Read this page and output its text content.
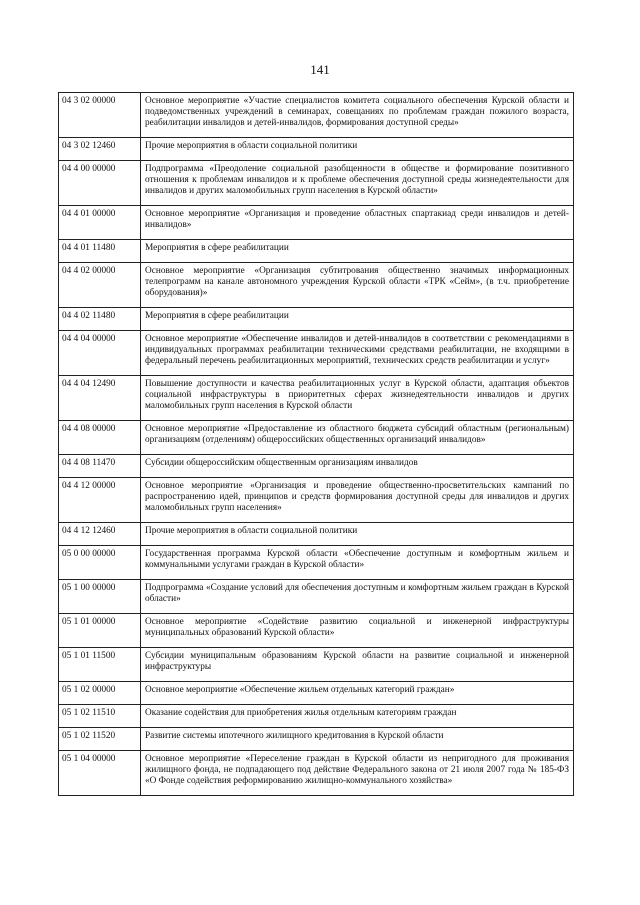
141
04 3 02 00000	Основное мероприятие «Участие специалистов комитета социального обеспечения Курской области и подведомственных учреждений в семинарах, совещаниях по проблемам граждан пожилого возраста, реабилитации инвалидов и детей-инвалидов, формирования доступной среды»
04 3 02 12460	Прочие мероприятия в области социальной политики
04 4 00 00000	Подпрограмма «Преодоление социальной разобщенности в обществе и формирование позитивного отношения к проблемам инвалидов и к проблеме обеспечения доступной среды жизнедеятельности для инвалидов и других маломобильных групп населения в Курской области»
04 4 01 00000	Основное мероприятие «Организация и проведение областных спартакиад среди инвалидов и детей-инвалидов»
04 4 01 11480	Мероприятия в сфере реабилитации
04 4 02 00000	Основное мероприятие «Организация субтитрования общественно значимых информационных телепрограмм на канале автономного учреждения Курской области «ТРК «Сейм», (в т.ч. приобретение оборудования)»
04 4 02 11480	Мероприятия в сфере реабилитации
04 4 04 00000	Основное мероприятие «Обеспечение инвалидов и детей-инвалидов в соответствии с рекомендациями в индивидуальных программах реабилитации техническими средствами реабилитации, не входящими в федеральный перечень реабилитационных мероприятий, технических средств реабилитации и услуг»
04 4 04 12490	Повышение доступности и качества реабилитационных услуг в Курской области, адаптация объектов социальной инфраструктуры в приоритетных сферах жизнедеятельности инвалидов и других маломобильных групп населения в Курской области
04 4 08 00000	Основное мероприятие «Предоставление из областного бюджета субсидий областным (региональным) организациям (отделениям) общероссийских общественных организаций инвалидов»
04 4 08 11470	Субсидии общероссийским общественным организациям инвалидов
04 4 12 00000	Основное мероприятие «Организация и проведение общественно-просветительских кампаний по распространению идей, принципов и средств формирования доступной среды для инвалидов и других маломобильных групп населения»
04 4 12 12460	Прочие мероприятия в области социальной политики
05 0 00 00000	Государственная программа Курской области «Обеспечение доступным и комфортным жильем и коммунальными услугами граждан в Курской области»
05 1 00 00000	Подпрограмма «Создание условий для обеспечения доступным и комфортным жильем граждан в Курской области»
05 1 01 00000	Основное мероприятие «Содействие развитию социальной и инженерной инфраструктуры муниципальных образований Курской области»
05 1 01 11500	Субсидии муниципальным образованиям Курской области на развитие социальной и инженерной инфраструктуры
05 1 02 00000	Основное мероприятие «Обеспечение жильем отдельных категорий граждан»
05 1 02 11510	Оказание содействия для приобретения жилья отдельным категориям граждан
05 1 02 11520	Развитие системы ипотечного жилищного кредитования в Курской области
05 1 04 00000	Основное мероприятие «Переселение граждан в Курской области из непригодного для проживания жилищного фонда, не подпадающего под действие Федерального закона от 21 июля 2007 года № 185-ФЗ «О Фонде содействия реформированию жилищно-коммунального хозяйства»
